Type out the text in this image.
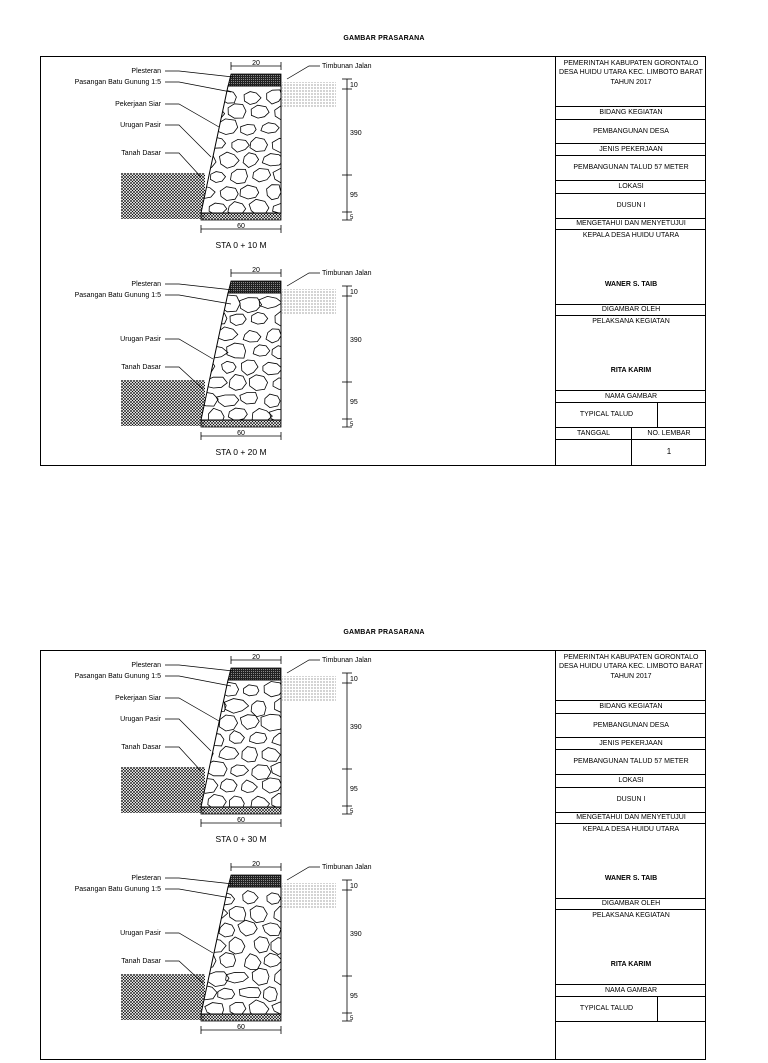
GAMBAR PRASARANA
20
60
10
390
95
5
Timbunan Jalan
Plesteran
Pasangan Batu Gunung 1:5
Pekerjaan Siar
Urugan Pasir
Tanah Dasar
STA 0 + 10 M
20
60
10
390
95
5
Timbunan Jalan
Plesteran
Pasangan Batu Gunung 1:5
Urugan Pasir
Tanah Dasar
STA 0 + 20 M
PEMERINTAH KABUPATEN GORONTALO
DESA HUIDU UTARA KEC. LIMBOTO BARAT
TAHUN 2017
BIDANG KEGIATAN
PEMBANGUNAN DESA
JENIS PEKERJAAN
PEMBANGUNAN TALUD 57 METER
LOKASI
DUSUN I
MENGETAHUI DAN MENYETUJUI
KEPALA DESA HUIDU UTARA
WANER S. TAIB
DIGAMBAR OLEH
PELAKSANA KEGIATAN
RITA KARIM
NAMA GAMBAR
TYPICAL TALUD
TANGGAL	NO. LEMBAR
1
GAMBAR PRASARANA
20
60
10
390
95
5
Timbunan Jalan
Plesteran
Pasangan Batu Gunung 1:5
Pekerjaan Siar
Urugan Pasir
Tanah Dasar
STA 0 + 30 M
20
60
10
390
95
5
Timbunan Jalan
Plesteran
Pasangan Batu Gunung 1:5
Urugan Pasir
Tanah Dasar
PEMERINTAH KABUPATEN GORONTALO
DESA HUIDU UTARA KEC. LIMBOTO BARAT
TAHUN 2017
BIDANG KEGIATAN
PEMBANGUNAN DESA
JENIS PEKERJAAN
PEMBANGUNAN TALUD 57 METER
LOKASI
DUSUN I
MENGETAHUI DAN MENYETUJUI
KEPALA DESA HUIDU UTARA
WANER S. TAIB
DIGAMBAR OLEH
PELAKSANA KEGIATAN
RITA KARIM
NAMA GAMBAR
TYPICAL TALUD
